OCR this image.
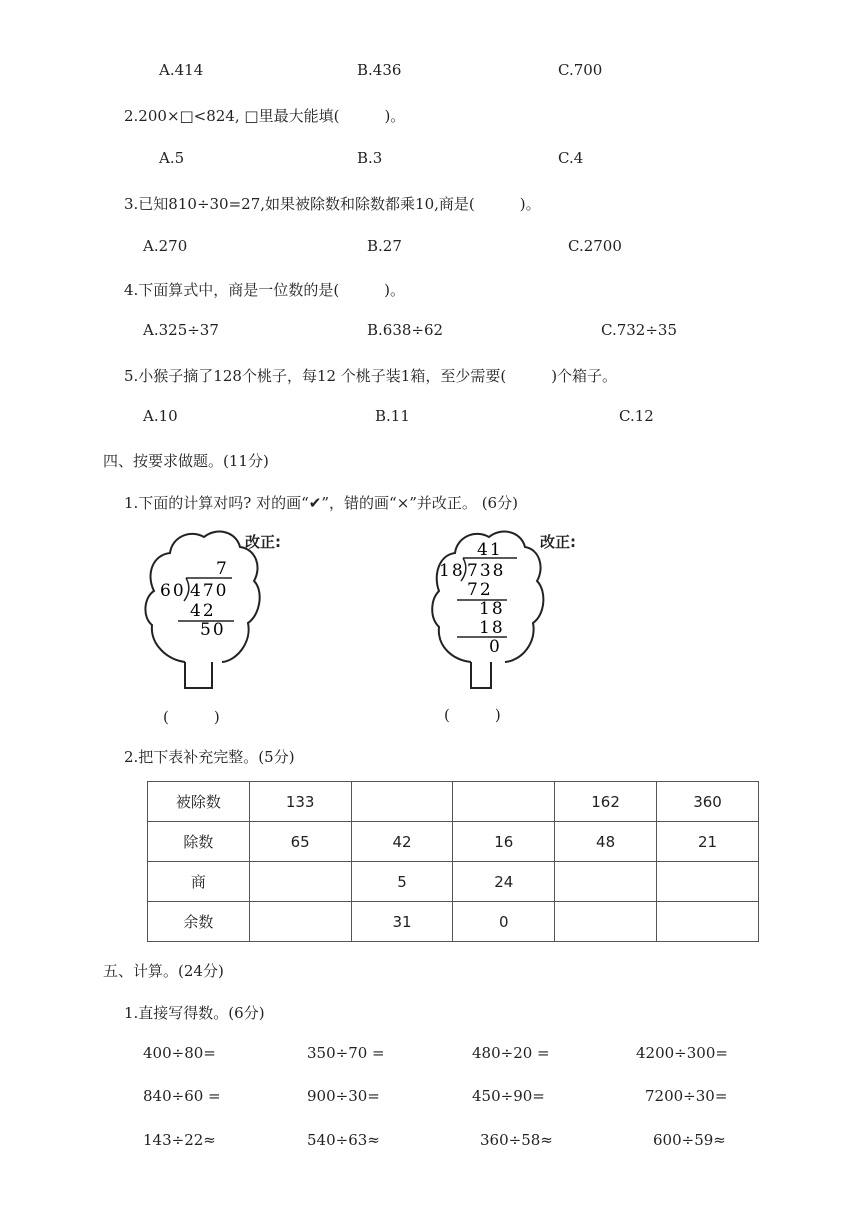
A.414	B.436	C.700
2.200×□<824, □里最大能填(　　　)。
A.5	B.3	C.4
3.已知810÷30=27,如果被除数和除数都乘10,商是(　　　)。
A.270	B.27	C.2700
4.下面算式中，商是一位数的是(　　　)。
A.325÷37	B.638÷62	C.732÷35
5.小猴子摘了128个桃子，每12 个桃子装1箱，至少需要(　　　)个箱子。
A.10	B.11	C.12
四、按要求做题。(11分)
1.下面的计算对吗? 对的画“✔”，错的画“×”并改正。 (6分)
7
60 470
42
50
改正:
(　　　)
41
18 738
72
18
18
0
改正:
(　　　)
2.把下表补充完整。(5分)
被除数	133			162	360
除数	65	42	16	48	21
商		5	24		
余数		31	0		
五、计算。(24分)
1.直接写得数。(6分)
400÷80=	350÷70 =	480÷20 =	4200÷300=
840÷60 =	900÷30=	450÷90=	7200÷30=
143÷22≈	540÷63≈	360÷58≈	600÷59≈
